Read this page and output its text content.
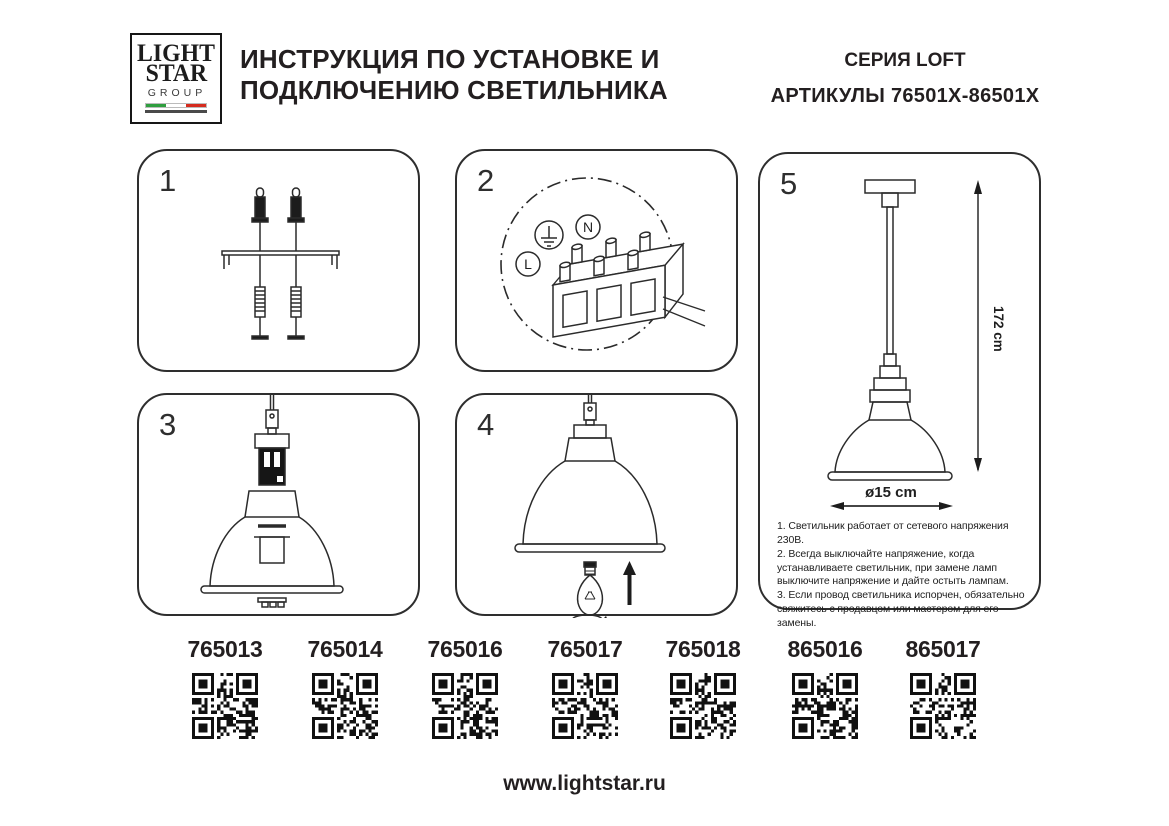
LIGHT
STAR
GROUP
ИНСТРУКЦИЯ ПО УСТАНОВКЕ И
ПОДКЛЮЧЕНИЮ СВЕТИЛЬНИКА
СЕРИЯ LOFT
АРТИКУЛЫ 76501X-86501X
1	2
N
L
3	4
5
172 cm
ø15 cm

1. Светильник работает от сетевого напряжения 230В.

2. Всегда выключайте напряжение, когда устанавливаете светильник, при замене ламп выключите напряжение и дайте остыть лампам.

3. Если провод светильника испорчен, обязательно свяжитесь с продавцом или мастером для его замены.

765013	765014	765016	765017	765018	865016	865017
www.lightstar.ru
